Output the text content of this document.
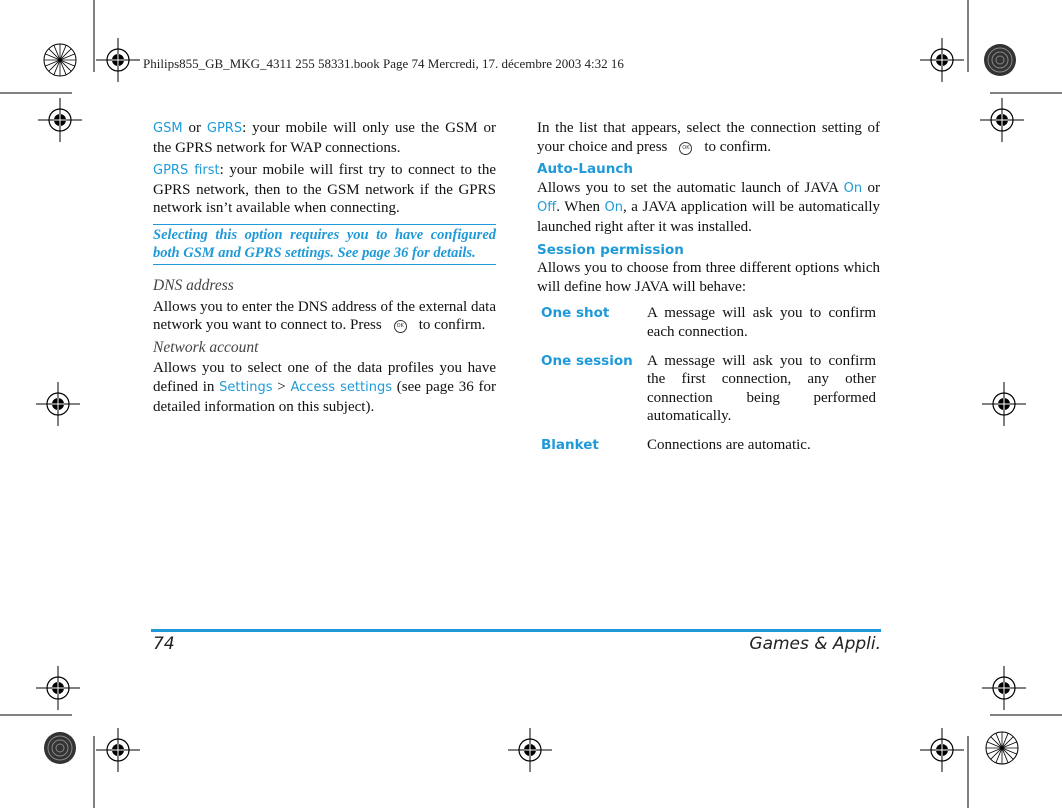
Philips855_GB_MKG_4311 255 58331.book Page 74 Mercredi, 17. décembre 2003 4:32 16

GSM or GPRS: your mobile will only use the GSM or the GPRS network for WAP connections.

GPRS first: your mobile will first try to connect to the GPRS network, then to the GSM network if the GPRS network isn’t available when connecting.

Selecting this option requires you to have configured both GSM and GPRS settings. See page 36 for details.
DNS address

Allows you to enter the DNS address of the external data network you want to connect to. Press	OK to confirm.

Network account

Allows you to select one of the data profiles you have defined in Settings > Access settings (see page 36 for detailed information on this subject).

In the list that appears, select the connection setting of your choice and press	OK to confirm.

Auto-Launch

Allows you to set the automatic launch of JAVA On or Off. When On, a JAVA application will be automatically launched right after it was installed.

Session permission

Allows you to choose from three different options which will define how JAVA will behave:

One shot	A message will ask you to confirm each connection.
One session	A message will ask you to confirm the first connection, any other connection being performed automatically.
Blanket	Connections are automatic.
74	Games & Appli.
